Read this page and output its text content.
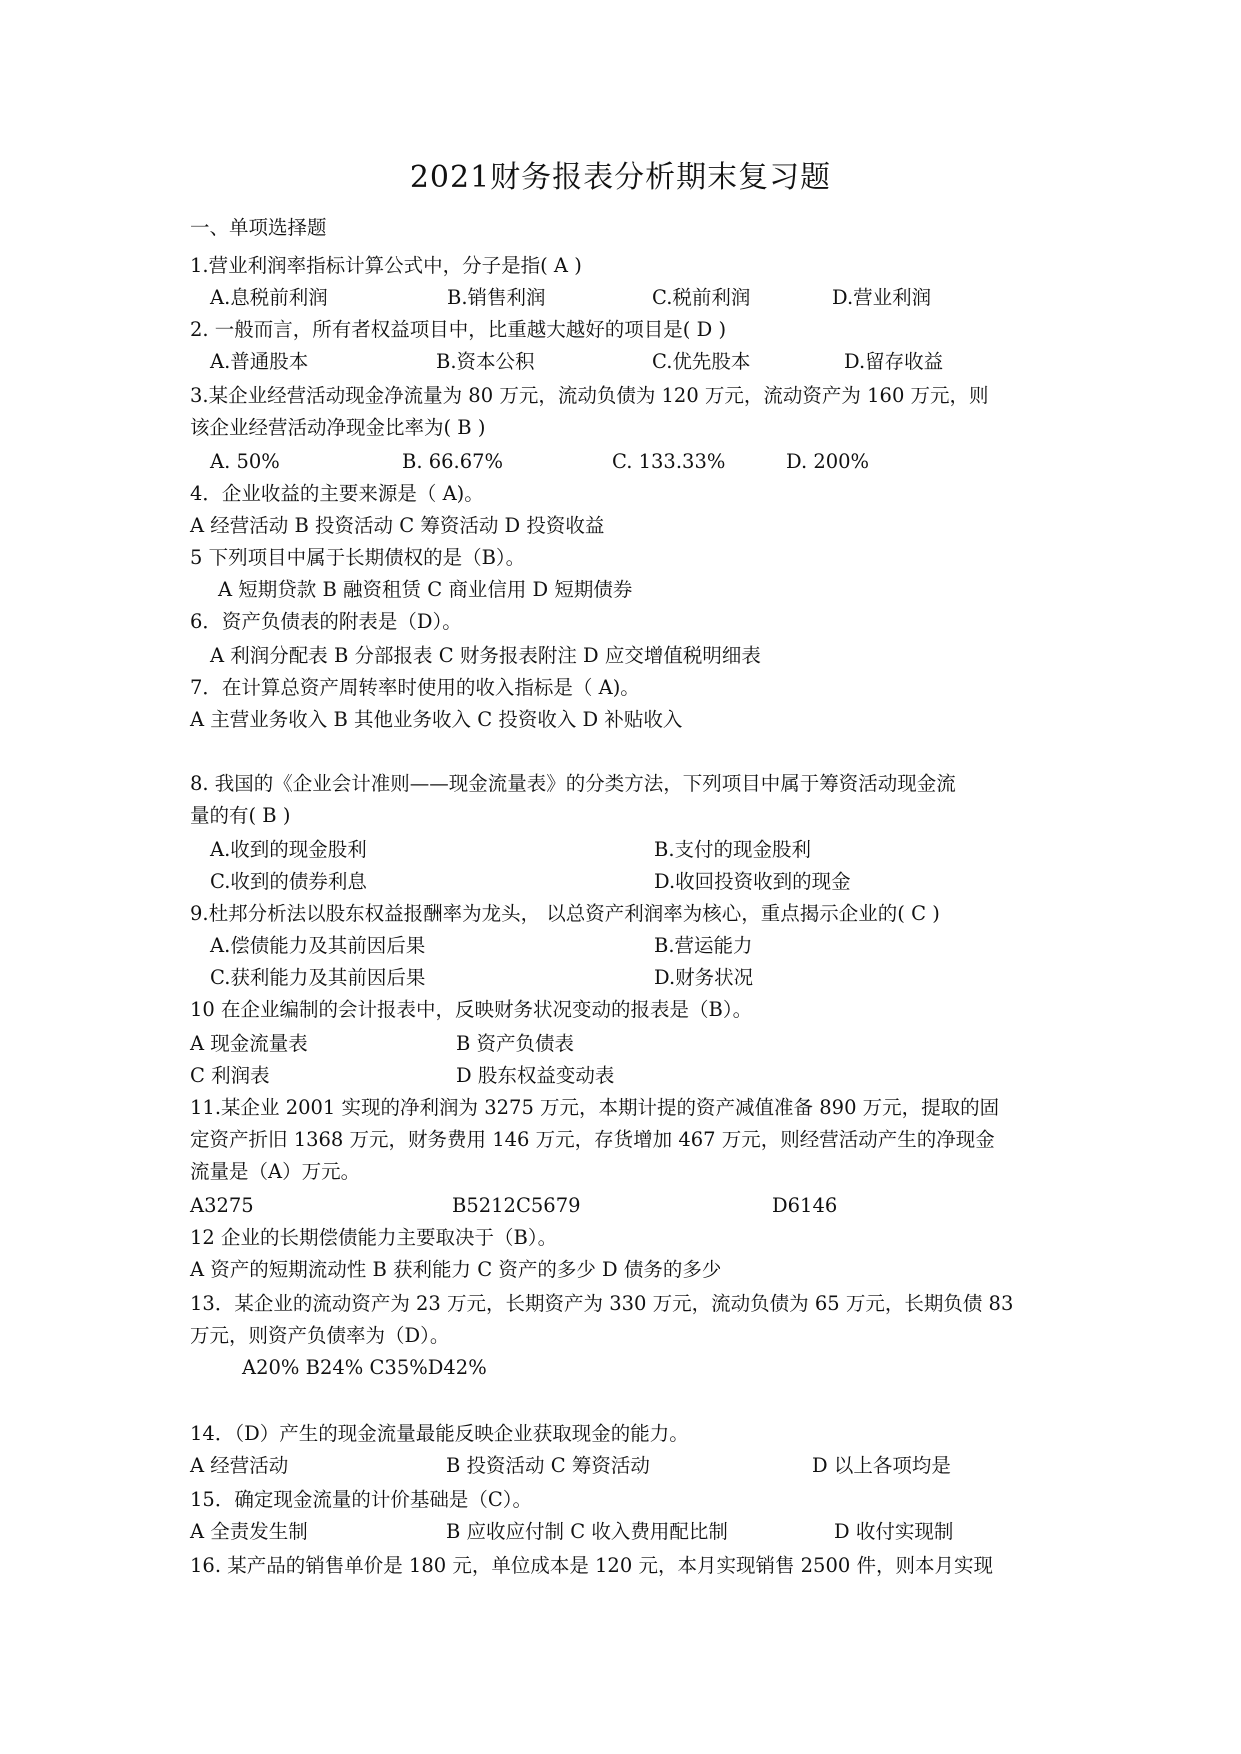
2021财务报表分析期末复习题
一、单项选择题
1.营业利润率指标计算公式中，分子是指( A )
A.息税前利润	B.销售利润	C.税前利润	D.营业利润
2. 一般而言，所有者权益项目中，比重越大越好的项目是( D )
A.普通股本	B.资本公积	C.优先股本	D.留存收益
3.某企业经营活动现金净流量为 80 万元，流动负债为 120 万元，流动资产为 160 万元，则
该企业经营活动净现金比率为( B )
A. 50%	B. 66.67%	C. 133.33%	D. 200%
4．企业收益的主要来源是（ A)。
A 经营活动 B 投资活动 C 筹资活动 D 投资收益
5 下列项目中属于长期债权的是（B）。
A 短期贷款 B 融资租赁 C 商业信用 D 短期债券
6．资产负债表的附表是（D）。
A 利润分配表 B 分部报表 C 财务报表附注 D 应交增值税明细表
7．在计算总资产周转率时使用的收入指标是（ A)。
A 主营业务收入 B 其他业务收入 C 投资收入 D 补贴收入
8. 我国的《企业会计准则——现金流量表》的分类方法，下列项目中属于筹资活动现金流
量的有( B )
A.收到的现金股利	B.支付的现金股利
C.收到的债券利息	D.收回投资收到的现金
9.杜邦分析法以股东权益报酬率为龙头， 以总资产利润率为核心，重点揭示企业的( C )
A.偿债能力及其前因后果	B.营运能力
C.获利能力及其前因后果	D.财务状况
10 在企业编制的会计报表中，反映财务状况变动的报表是（B）。
A 现金流量表	B 资产负债表
C 利润表	D 股东权益变动表
11.某企业 2001 实现的净利润为 3275 万元，本期计提的资产减值准备 890 万元，提取的固
定资产折旧 1368 万元，财务费用 146 万元，存货增加 467 万元，则经营活动产生的净现金
流量是（A）万元。
A3275	B5212C5679	D6146
12 企业的长期偿债能力主要取决于（B）。
A 资产的短期流动性 B 获利能力 C 资产的多少 D 债务的多少
13．某企业的流动资产为 23 万元，长期资产为 330 万元，流动负债为 65 万元，长期负债 83
万元，则资产负债率为（D）。
A20% B24% C35%D42%
14．（D）产生的现金流量最能反映企业获取现金的能力。
A 经营活动	B 投资活动 C 筹资活动	D 以上各项均是
15．确定现金流量的计价基础是（C）。
A 全责发生制	B 应收应付制 C 收入费用配比制	D 收付实现制
16. 某产品的销售单价是 180 元，单位成本是 120 元，本月实现销售 2500 件，则本月实现
